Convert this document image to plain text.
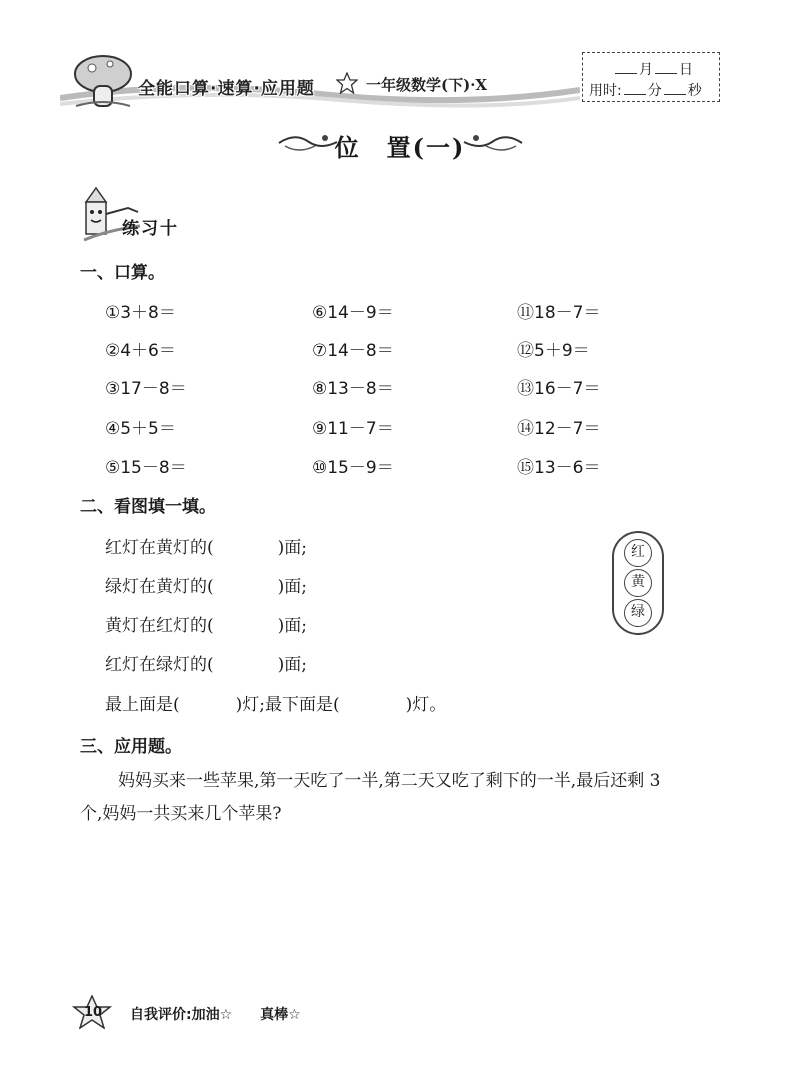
全能口算·速算·应用题	一年级数学(下)·X
月 日
用时: 分 秒
位　置(一)
练习十
一、口算。
①3＋8＝	⑥14－9＝	⑪18－7＝
②4＋6＝	⑦14－8＝	⑫5＋9＝
③17－8＝	⑧13－8＝	⑬16－7＝
④5＋5＝	⑨11－7＝	⑭12－7＝
⑤15－8＝	⑩15－9＝	⑮13－6＝
二、看图填一填。
红灯在黄灯的(	)面;
绿灯在黄灯的(	)面;
黄灯在红灯的(	)面;
红灯在绿灯的(	)面;
最上面是(	)灯;最下面是(	)灯。
红
黄
绿
三、应用题。
妈妈买来一些苹果,第一天吃了一半,第二天又吃了剩下的一半,最后还剩 3
个,妈妈一共买来几个苹果?
10 自我评价:加油☆　　真棒☆
